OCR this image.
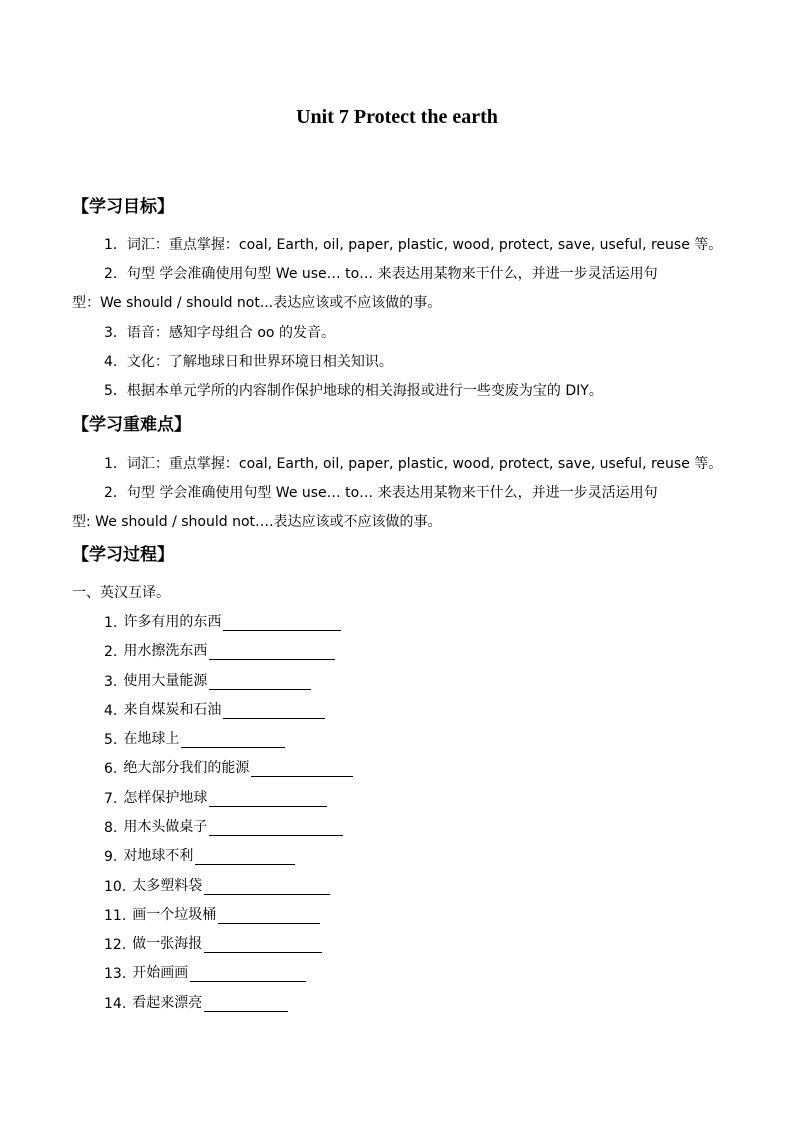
Unit 7 Protect the earth
【学习目标】
1．词汇：重点掌握：coal, Earth, oil, paper, plastic, wood, protect, save, useful, reuse 等。
2．句型 学会准确使用句型 We use… to… 来表达用某物来干什么，并进一步灵活运用句
型：We should / should not...表达应该或不应该做的事。
3．语音：感知字母组合 oo 的发音。
4．文化：了解地球日和世界环境日相关知识。
5．根据本单元学所的内容制作保护地球的相关海报或进行一些变废为宝的 DIY。
【学习重难点】
1．词汇：重点掌握：coal, Earth, oil, paper, plastic, wood, protect, save, useful, reuse 等。
2．句型 学会准确使用句型 We use… to… 来表达用某物来干什么，并进一步灵活运用句
型: We should / should not….表达应该或不应该做的事。
【学习过程】
一、英汉互译。
1. 许多有用的东西
2. 用水擦洗东西
3. 使用大量能源
4. 来自煤炭和石油
5. 在地球上
6. 绝大部分我们的能源
7. 怎样保护地球
8. 用木头做桌子
9. 对地球不利
10. 太多塑料袋
11. 画一个垃圾桶
12. 做一张海报
13. 开始画画
14. 看起来漂亮
